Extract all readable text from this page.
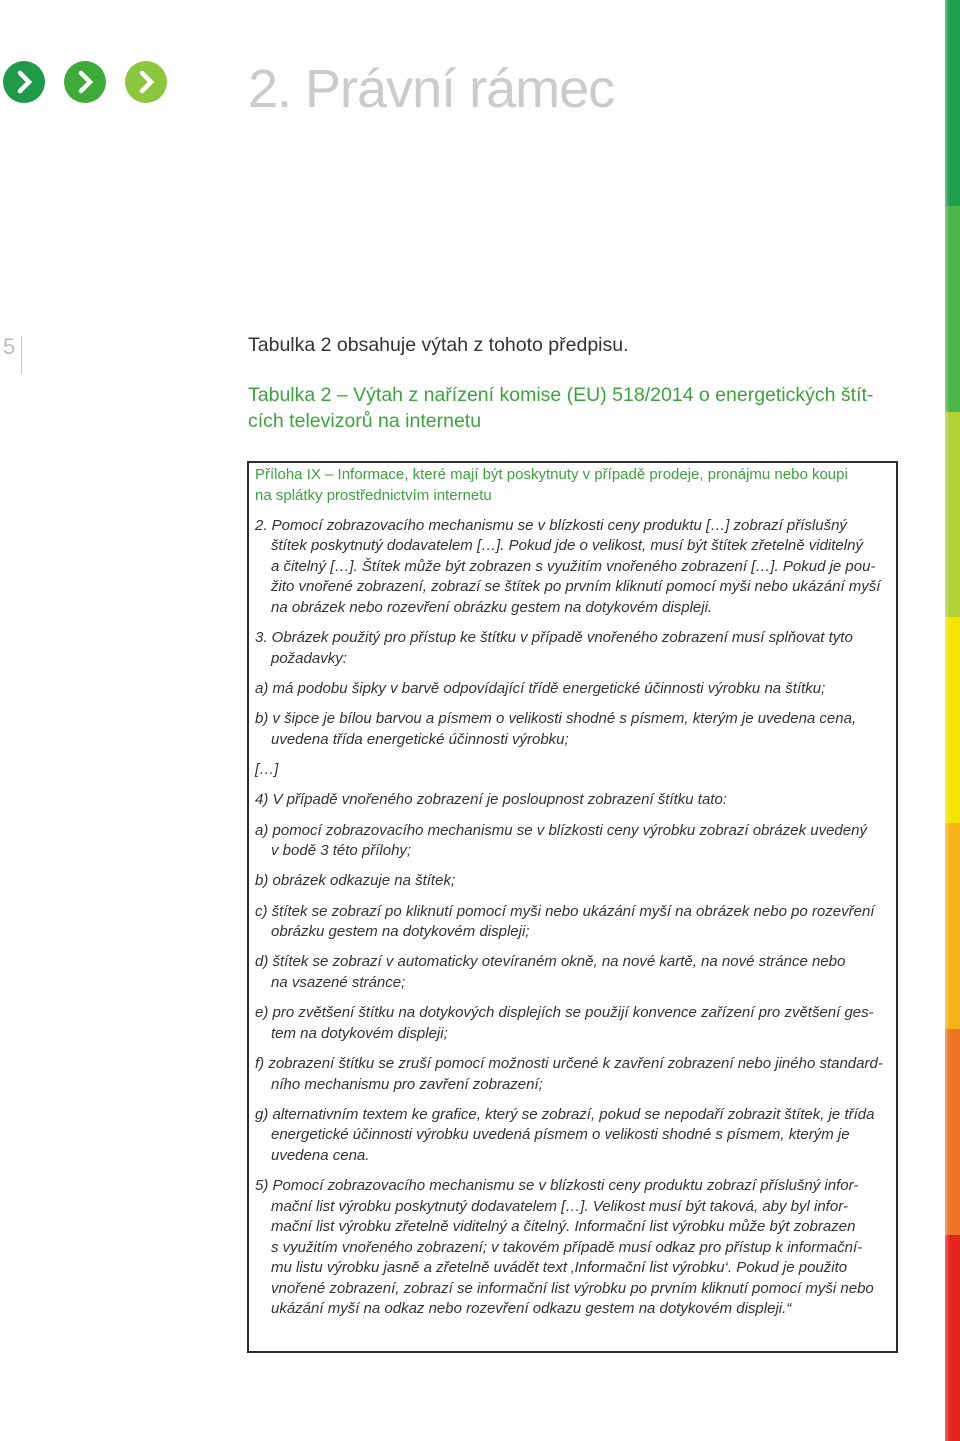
2. Právní rámec
5	Tabulka 2 obsahuje výtah z tohoto předpisu.
Tabulka 2 – Výtah z nařízení komise (EU) 518/2014 o energetických štít-
cích televizorů na internetu

Příloha IX – Informace, které mají být poskytnuty v případě prodeje, pronájmu nebo koupi
na splátky prostřednictvím internetu

2. Pomocí zobrazovacího mechanismu se v blízkosti ceny produktu […] zobrazí příslušný
štítek poskytnutý dodavatelem […]. Pokud jde o velikost, musí být štítek zřetelně viditelný
a čitelný […]. Štítek může být zobrazen s využitím vnořeného zobrazení […]. Pokud je pou-
žito vnořené zobrazení, zobrazí se štítek po prvním kliknutí pomocí myši nebo ukázání myší
na obrázek nebo rozevření obrázku gestem na dotykovém displeji.

3. Obrázek použitý pro přístup ke štítku v případě vnořeného zobrazení musí splňovat tyto
požadavky:

a) má podobu šipky v barvě odpovídající třídě energetické účinnosti výrobku na štítku;

b) v šipce je bílou barvou a písmem o velikosti shodné s písmem, kterým je uvedena cena,
uvedena třída energetické účinnosti výrobku;

[…]

4) V případě vnořeného zobrazení je posloupnost zobrazení štítku tato:

a) pomocí zobrazovacího mechanismu se v blízkosti ceny výrobku zobrazí obrázek uvedený
v bodě 3 této přílohy;

b) obrázek odkazuje na štítek;

c) štítek se zobrazí po kliknutí pomocí myši nebo ukázání myší na obrázek nebo po rozevření
obrázku gestem na dotykovém displeji;

d) štítek se zobrazí v automaticky otevíraném okně, na nové kartě, na nové stránce nebo
na vsazené stránce;

e) pro zvětšení štítku na dotykových displejích se použijí konvence zařízení pro zvětšení ges-
tem na dotykovém displeji;

f) zobrazení štítku se zruší pomocí možnosti určené k zavření zobrazení nebo jiného standard-
ního mechanismu pro zavření zobrazení;

g) alternativním textem ke grafice, který se zobrazí, pokud se nepodaří zobrazit štítek, je třída
energetické účinnosti výrobku uvedená písmem o velikosti shodné s písmem, kterým je
uvedena cena.

5) Pomocí zobrazovacího mechanismu se v blízkosti ceny produktu zobrazí příslušný infor-
mační list výrobku poskytnutý dodavatelem […]. Velikost musí být taková, aby byl infor-
mační list výrobku zřetelně viditelný a čitelný. Informační list výrobku může být zobrazen
s využitím vnořeného zobrazení; v takovém případě musí odkaz pro přístup k informační-
mu listu výrobku jasně a zřetelně uvádět text ‚Informační list výrobku‘. Pokud je použito
vnořené zobrazení, zobrazí se informační list výrobku po prvním kliknutí pomocí myši nebo
ukázání myší na odkaz nebo rozevření odkazu gestem na dotykovém displeji.“
